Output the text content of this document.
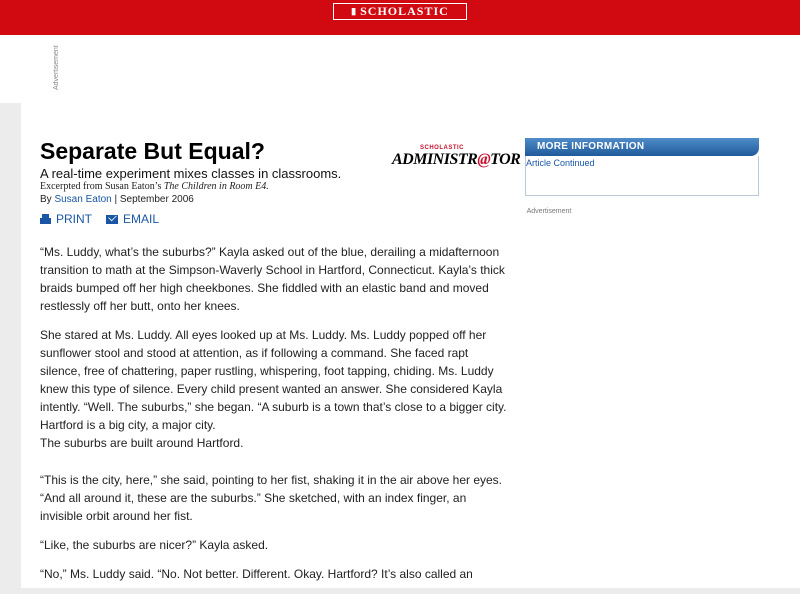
▮ SCHOLASTIC
Advertisement
Separate But Equal?
A real-time experiment mixes classes in classrooms.
Excerpted from Susan Eaton’s The Children in Room E4.
By Susan Eaton | September 2006
PRINT	EMAIL
SCHOLASTIC
ADMINISTR@TOR

“Ms. Luddy, what’s the suburbs?” Kayla asked out of the blue, derailing a midafternoon transition to math at the Simpson-Waverly School in Hartford, Connecticut. Kayla’s thick braids bumped off her high cheekbones. She fiddled with an elastic band and moved restlessly off her butt, onto her knees.

She stared at Ms. Luddy. All eyes looked up at Ms. Luddy. Ms. Luddy popped off her sunflower stool and stood at attention, as if following a command. She faced rapt silence, free of chattering, paper rustling, whispering, foot tapping, chiding. Ms. Luddy knew this type of silence. Every child present wanted an answer. She considered Kayla intently. “Well. The suburbs,” she began. “A suburb is a town that’s close to a bigger city. Hartford is a big city, a major city.

The suburbs are built around Hartford.

“This is the city, here,” she said, pointing to her fist, shaking it in the air above her eyes. “And all around it, these are the suburbs.” She sketched, with an index finger, an invisible orbit around her fist.

“Like, the suburbs are nicer?” Kayla asked.

“No,” Ms. Luddy said. “No. Not better. Different. Okay. Hartford? It’s also called an

MORE INFORMATION
Article Continued
Advertisement
